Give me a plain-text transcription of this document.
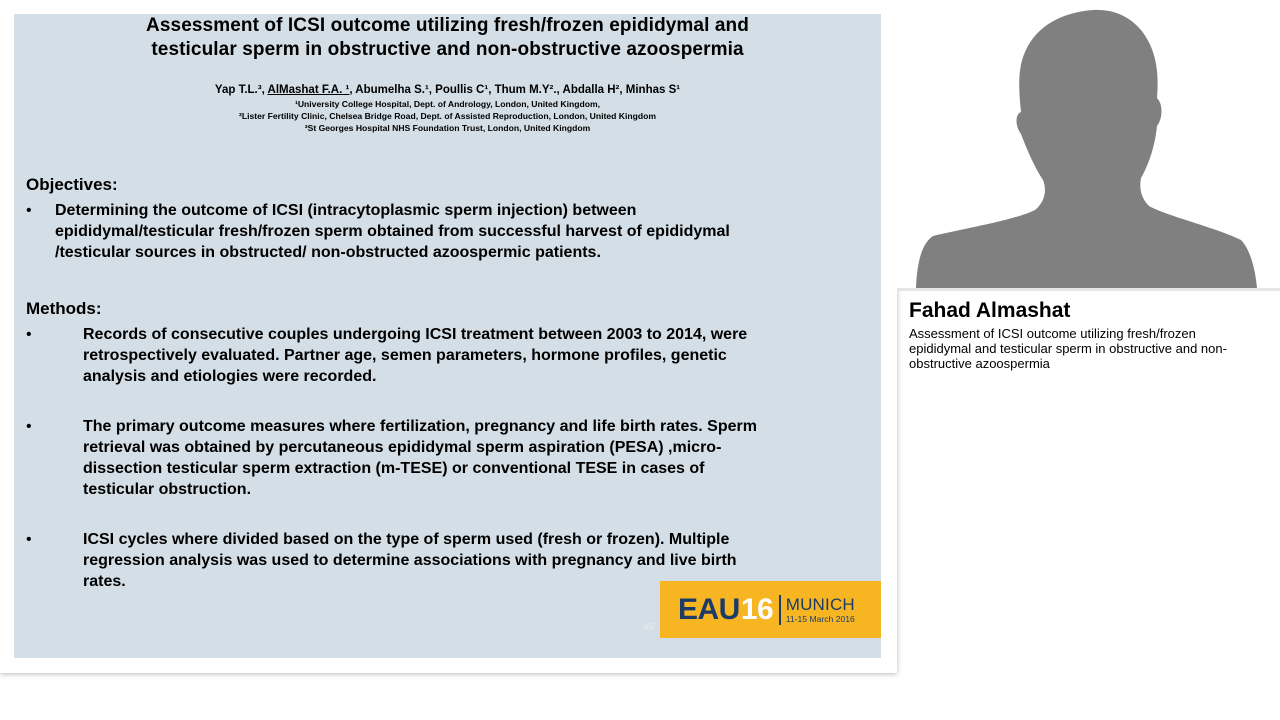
Assessment of ICSI outcome utilizing fresh/frozen epididymal and
testicular sperm in obstructive and non-obstructive azoospermia
Yap T.L.³, AlMashat F.A. ¹, Abumelha S.¹, Poullis C¹, Thum M.Y²., Abdalla H², Minhas S¹
¹University College Hospital, Dept. of Andrology, London, United Kingdom,
²Lister Fertility Clinic, Chelsea Bridge Road, Dept. of Assisted Reproduction, London, United Kingdom
³St Georges Hospital NHS Foundation Trust, London, United Kingdom
Objectives:
• Determining the outcome of ICSI (intracytoplasmic sperm injection) between
epididymal/testicular fresh/frozen sperm obtained from successful harvest of epididymal
/testicular sources in obstructed/ non-obstructed azoospermic patients.
Methods:
•	Records of consecutive couples undergoing ICSI treatment between 2003 to 2014, were
retrospectively evaluated. Partner age, semen parameters, hormone profiles, genetic
analysis and etiologies were recorded.
•	The primary outcome measures where fertilization, pregnancy and life birth rates. Sperm
retrieval was obtained by percutaneous epididymal sperm aspiration (PESA) ,micro-
dissection testicular sperm extraction (m-TESE) or conventional TESE in cases of
testicular obstruction.
•	ICSI cycles where divided based on the type of sperm used (fresh or frozen). Multiple
regression analysis was used to determine associations with pregnancy and live birth
rates.
45
EAU 16 MUNICH
11-15 March 2016
Fahad Almashat
Assessment of ICSI outcome utilizing fresh/frozen epididymal and testicular sperm in obstructive and non-obstructive azoospermia
